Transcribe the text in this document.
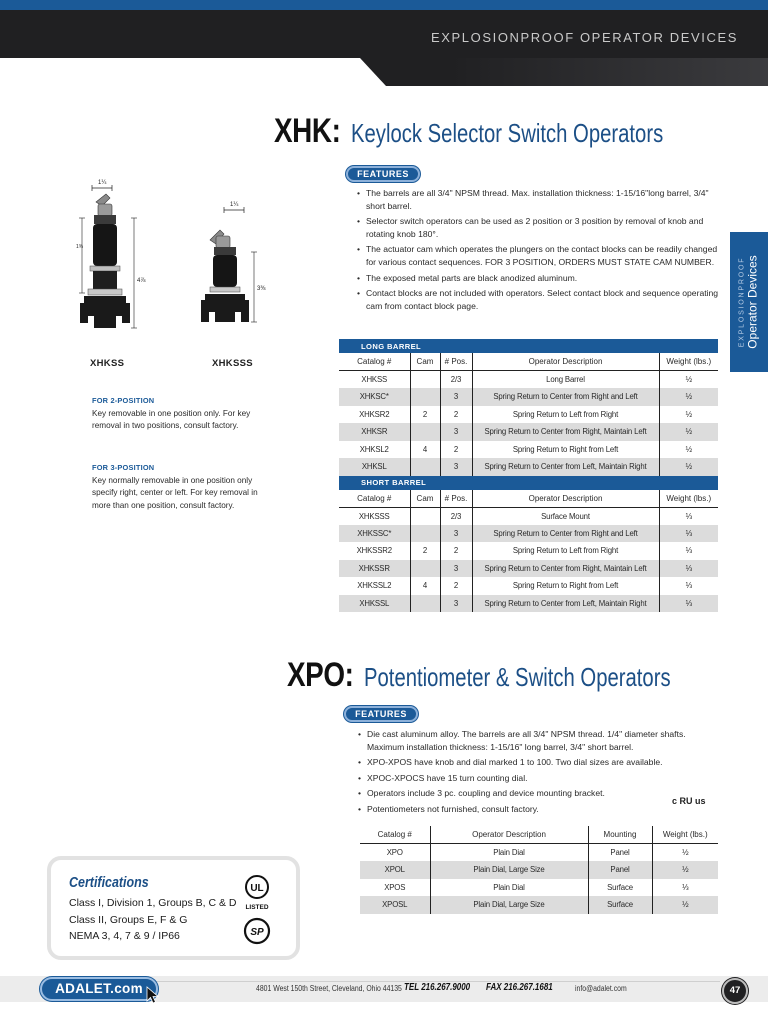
EXPLOSIONPROOF OPERATOR DEVICES
EXPLOSIONPROOF Operator Devices
XHK: Keylock Selector Switch Operators
FEATURES
• The barrels are all 3/4" NPSM thread. Max. installation thickness: 1-15/16"long barrel, 3/4" short barrel.
• Selector switch operators can be used as 2 position or 3 position by removal of knob and rotating knob 180°.
• The actuator cam which operates the plungers on the contact blocks can be readily changed for various contact sequences. FOR 3 POSITION, ORDERS MUST STATE CAM NUMBER.
• The exposed metal parts are black anodized aluminum.
• Contact blocks are not included with operators. Select contact block and sequence operating cam from contact block page.
1¼
1⅜
4⅞
1¼
3⅜
XHKSS	XHKSSS
FOR 2-POSITION
Key removable in one position only. For key removal in two positions, consult factory.
FOR 3-POSITION
Key normally removable in one position only specify right, center or left. For key removal in more than one position, consult factory.
LONG BARREL				
Catalog #	Cam	# Pos.	Operator Description	Weight (lbs.)
XHKSS		2/3	Long Barrel	½
XHKSC*		3	Spring Return to Center from Right and Left	½
XHKSR2	2	2	Spring Return to Left from Right	½
XHKSR		3	Spring Return to Center from Right, Maintain Left	½
XHKSL2	4	2	Spring Return to Right from Left	½
XHKSL		3	Spring Return to Center from Left, Maintain Right	½
SHORT BARREL				
Catalog #	Cam	# Pos.	Operator Description	Weight (lbs.)
XHKSSS		2/3	Surface Mount	⅓
XHKSSC*		3	Spring Return to Center from Right and Left	⅓
XHKSSR2	2	2	Spring Return to Left from Right	⅓
XHKSSR		3	Spring Return to Center from Right, Maintain Left	⅓
XHKSSL2	4	2	Spring Return to Right from Left	⅓
XHKSSL		3	Spring Return to Center from Left, Maintain Right	⅓
XPO: Potentiometer & Switch Operators
FEATURES
• Die cast aluminum alloy. The barrels are all 3/4" NPSM thread. 1/4" diameter shafts. Maximum installation thickness: 1-15/16" long barrel, 3/4" short barrel.
• XPO-XPOS have knob and dial marked 1 to 100. Two dial sizes are available.
• XPOC-XPOCS have 15 turn counting dial.
• Operators include 3 pc. coupling and device mounting bracket.
• Potentiometers not furnished, consult factory.
c RU us
Catalog #	Operator Description	Mounting	Weight (lbs.)
XPO	Plain Dial	Panel	½
XPOL	Plain Dial, Large Size	Panel	½
XPOS	Plain Dial	Surface	⅓
XPOSL	Plain Dial, Large Size	Surface	½
Certifications
Class I, Division 1, Groups B, C & D
Class II, Groups E, F & G
NEMA 3, 4, 7 & 9 / IP66
UL
LISTED
SP
ADALET.com	4801 West 150th Street, Cleveland, Ohio 44135 TEL 216.267.9000 FAX 216.267.1681	info@adalet.com	47
